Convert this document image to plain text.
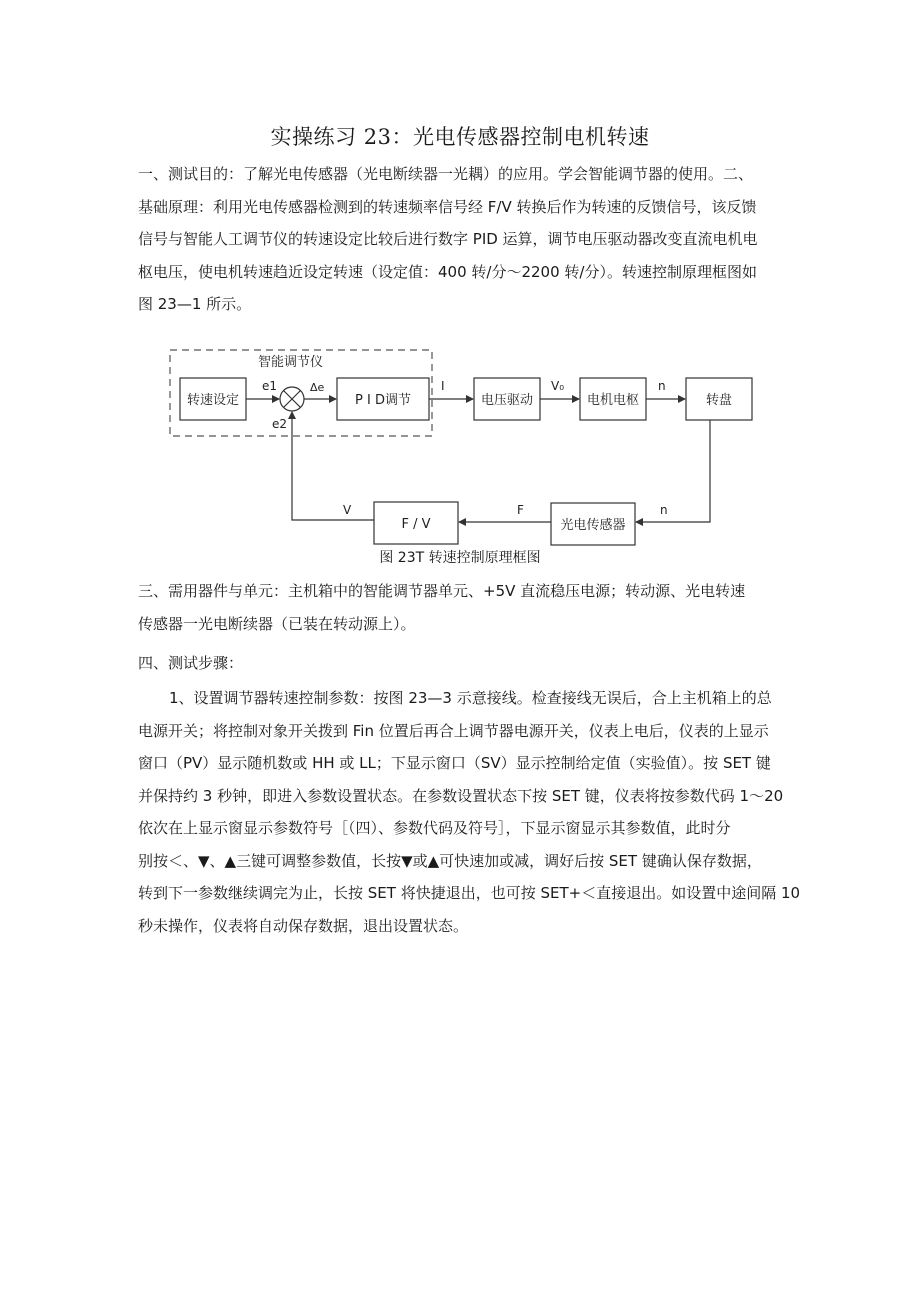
实操练习 23：光电传感器控制电机转速
一、测试目的：了解光电传感器（光电断续器一光耦）的应用。学会智能调节器的使用。二、
基础原理：利用光电传感器检测到的转速频率信号经 F/V 转换后作为转速的反馈信号，该反馈
信号与智能人工调节仪的转速设定比较后进行数字 PID 运算，调节电压驱动器改变直流电机电
枢电压，使电机转速趋近设定转速（设定值：400 转/分～2200 转/分）。转速控制原理框图如
图 23—1 所示。
智能调节仪
转速设定	P I D调节	电压驱动	电机电枢	转盘
F / V	光电传感器
e1	Δe
e2
I	V₀	n
n
F
V
图 23T 转速控制原理框图
三、需用器件与单元：主机箱中的智能调节器单元、+5V 直流稳压电源；转动源、光电转速
传感器一光电断续器（已装在转动源上）。
四、测试步骤：
1、设置调节器转速控制参数：按图 23—3 示意接线。检查接线无误后，合上主机箱上的总
电源开关；将控制对象开关拨到 Fin 位置后再合上调节器电源开关，仪表上电后，仪表的上显示
窗口（PV）显示随机数或 HH 或 LL；下显示窗口（SV）显示控制给定值（实验值）。按 SET 键
并保持约 3 秒钟，即进入参数设置状态。在参数设置状态下按 SET 键，仪表将按参数代码 1～20
依次在上显示窗显示参数符号［（四）、参数代码及符号］，下显示窗显示其参数值，此时分
别按＜、▼、▲三键可调整参数值，长按▼或▲可快速加或减，调好后按 SET 键确认保存数据，
转到下一参数继续调完为止，长按 SET 将快捷退出，也可按 SET+＜直接退出。如设置中途间隔 10
秒未操作，仪表将自动保存数据，退出设置状态。
